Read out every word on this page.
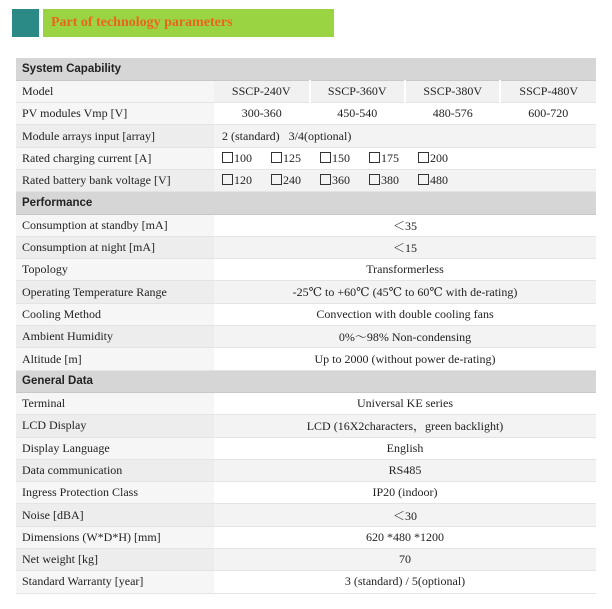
Part of technology parameters
System Capability				
Model	SSCP-240V	SSCP-360V	SSCP-380V	SSCP-480V
PV modules Vmp [V]	300-360	450-540	480-576	600-720
Module arrays input [array]	2 (standard)   3/4(optional)			
Rated charging current [A]	100 125 150 175 200			
Rated battery bank voltage [V]	120 240 360 380 480			
Performance				
Consumption at standby [mA]	＜35			
Consumption at night [mA]	＜15			
Topology	Transformerless			
Operating Temperature Range	-25℃ to +60℃ (45℃ to 60℃ with de-rating)			
Cooling Method	Convection with double cooling fans			
Ambient Humidity	0%～98% Non-condensing			
Altitude [m]	Up to 2000 (without power de-rating)			
General Data				
Terminal	Universal KE series			
LCD Display	LCD (16X2characters，green backlight)			
Display Language	English			
Data communication	RS485			
Ingress Protection Class	IP20 (indoor)			
Noise [dBA]	＜30			
Dimensions (W*D*H) [mm]	620 *480 *1200			
Net weight [kg]	70			
Standard Warranty [year]	3 (standard) / 5(optional)			
